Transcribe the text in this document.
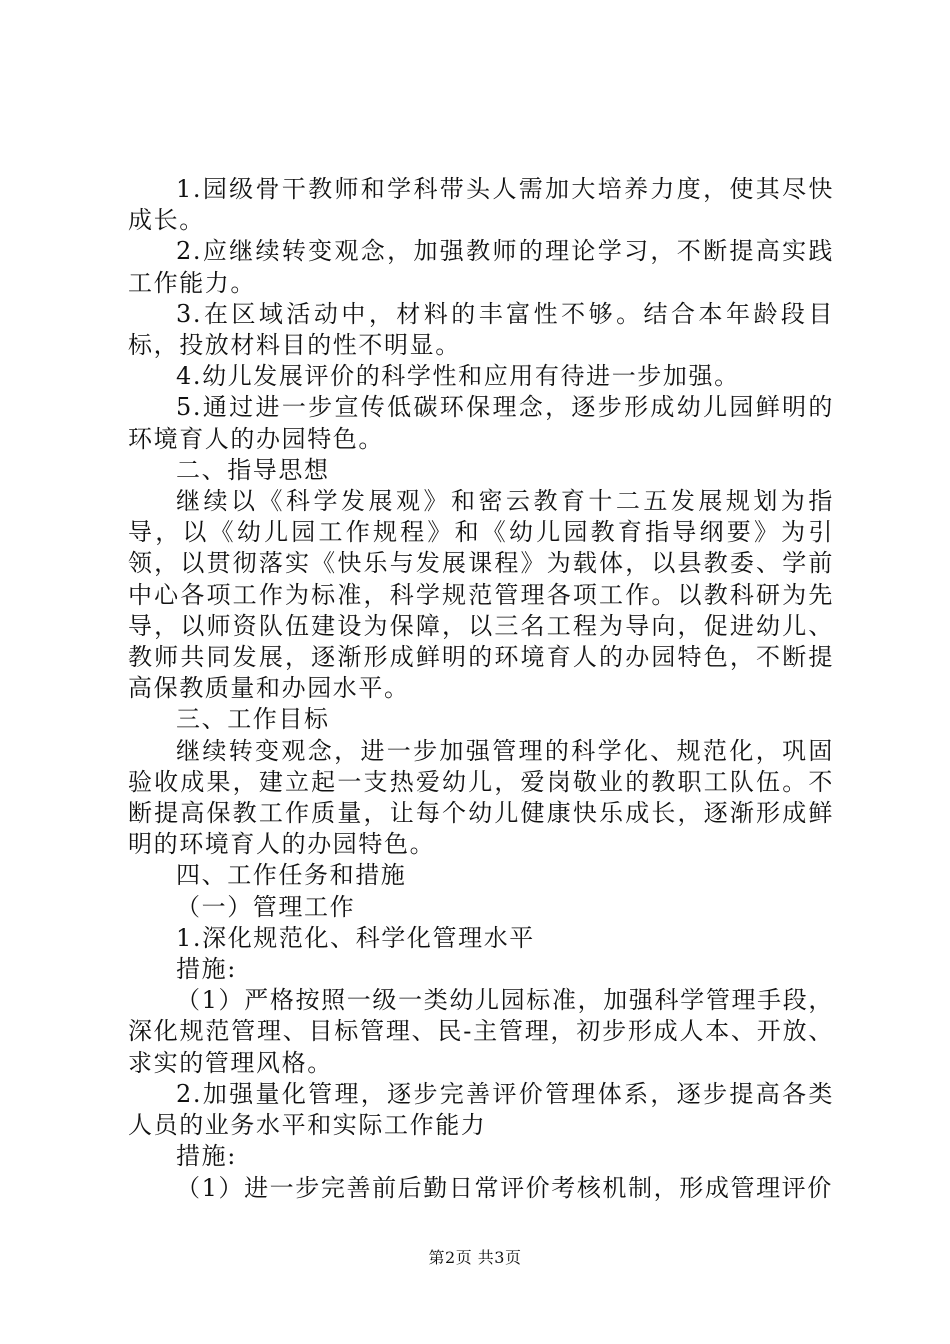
1.园级骨干教师和学科带头人需加大培养力度，使其尽快成长。

2.应继续转变观念，加强教师的理论学习，不断提高实践工作能力。

3.在区域活动中，材料的丰富性不够。结合本年龄段目标，投放材料目的性不明显。

4.幼儿发展评价的科学性和应用有待进一步加强。

5.通过进一步宣传低碳环保理念，逐步形成幼儿园鲜明的环境育人的办园特色。

二、指导思想

继续以《科学发展观》和密云教育十二五发展规划为指导，以《幼儿园工作规程》和《幼儿园教育指导纲要》为引领，以贯彻落实《快乐与发展课程》为载体，以县教委、学前中心各项工作为标准，科学规范管理各项工作。以教科研为先导，以师资队伍建设为保障，以三名工程为导向，促进幼儿、教师共同发展，逐渐形成鲜明的环境育人的办园特色，不断提高保教质量和办园水平。

三、工作目标

继续转变观念，进一步加强管理的科学化、规范化，巩固验收成果，建立起一支热爱幼儿，爱岗敬业的教职工队伍。不断提高保教工作质量，让每个幼儿健康快乐成长，逐渐形成鲜明的环境育人的办园特色。

四、工作任务和措施

（一）管理工作

1.深化规范化、科学化管理水平

措施:

（1）严格按照一级一类幼儿园标准，加强科学管理手段，深化规范管理、目标管理、民-主管理，初步形成人本、开放、求实的管理风格。

2.加强量化管理，逐步完善评价管理体系，逐步提高各类人员的业务水平和实际工作能力

措施:

（1）进一步完善前后勤日常评价考核机制，形成管理评价

第2页 共3页
